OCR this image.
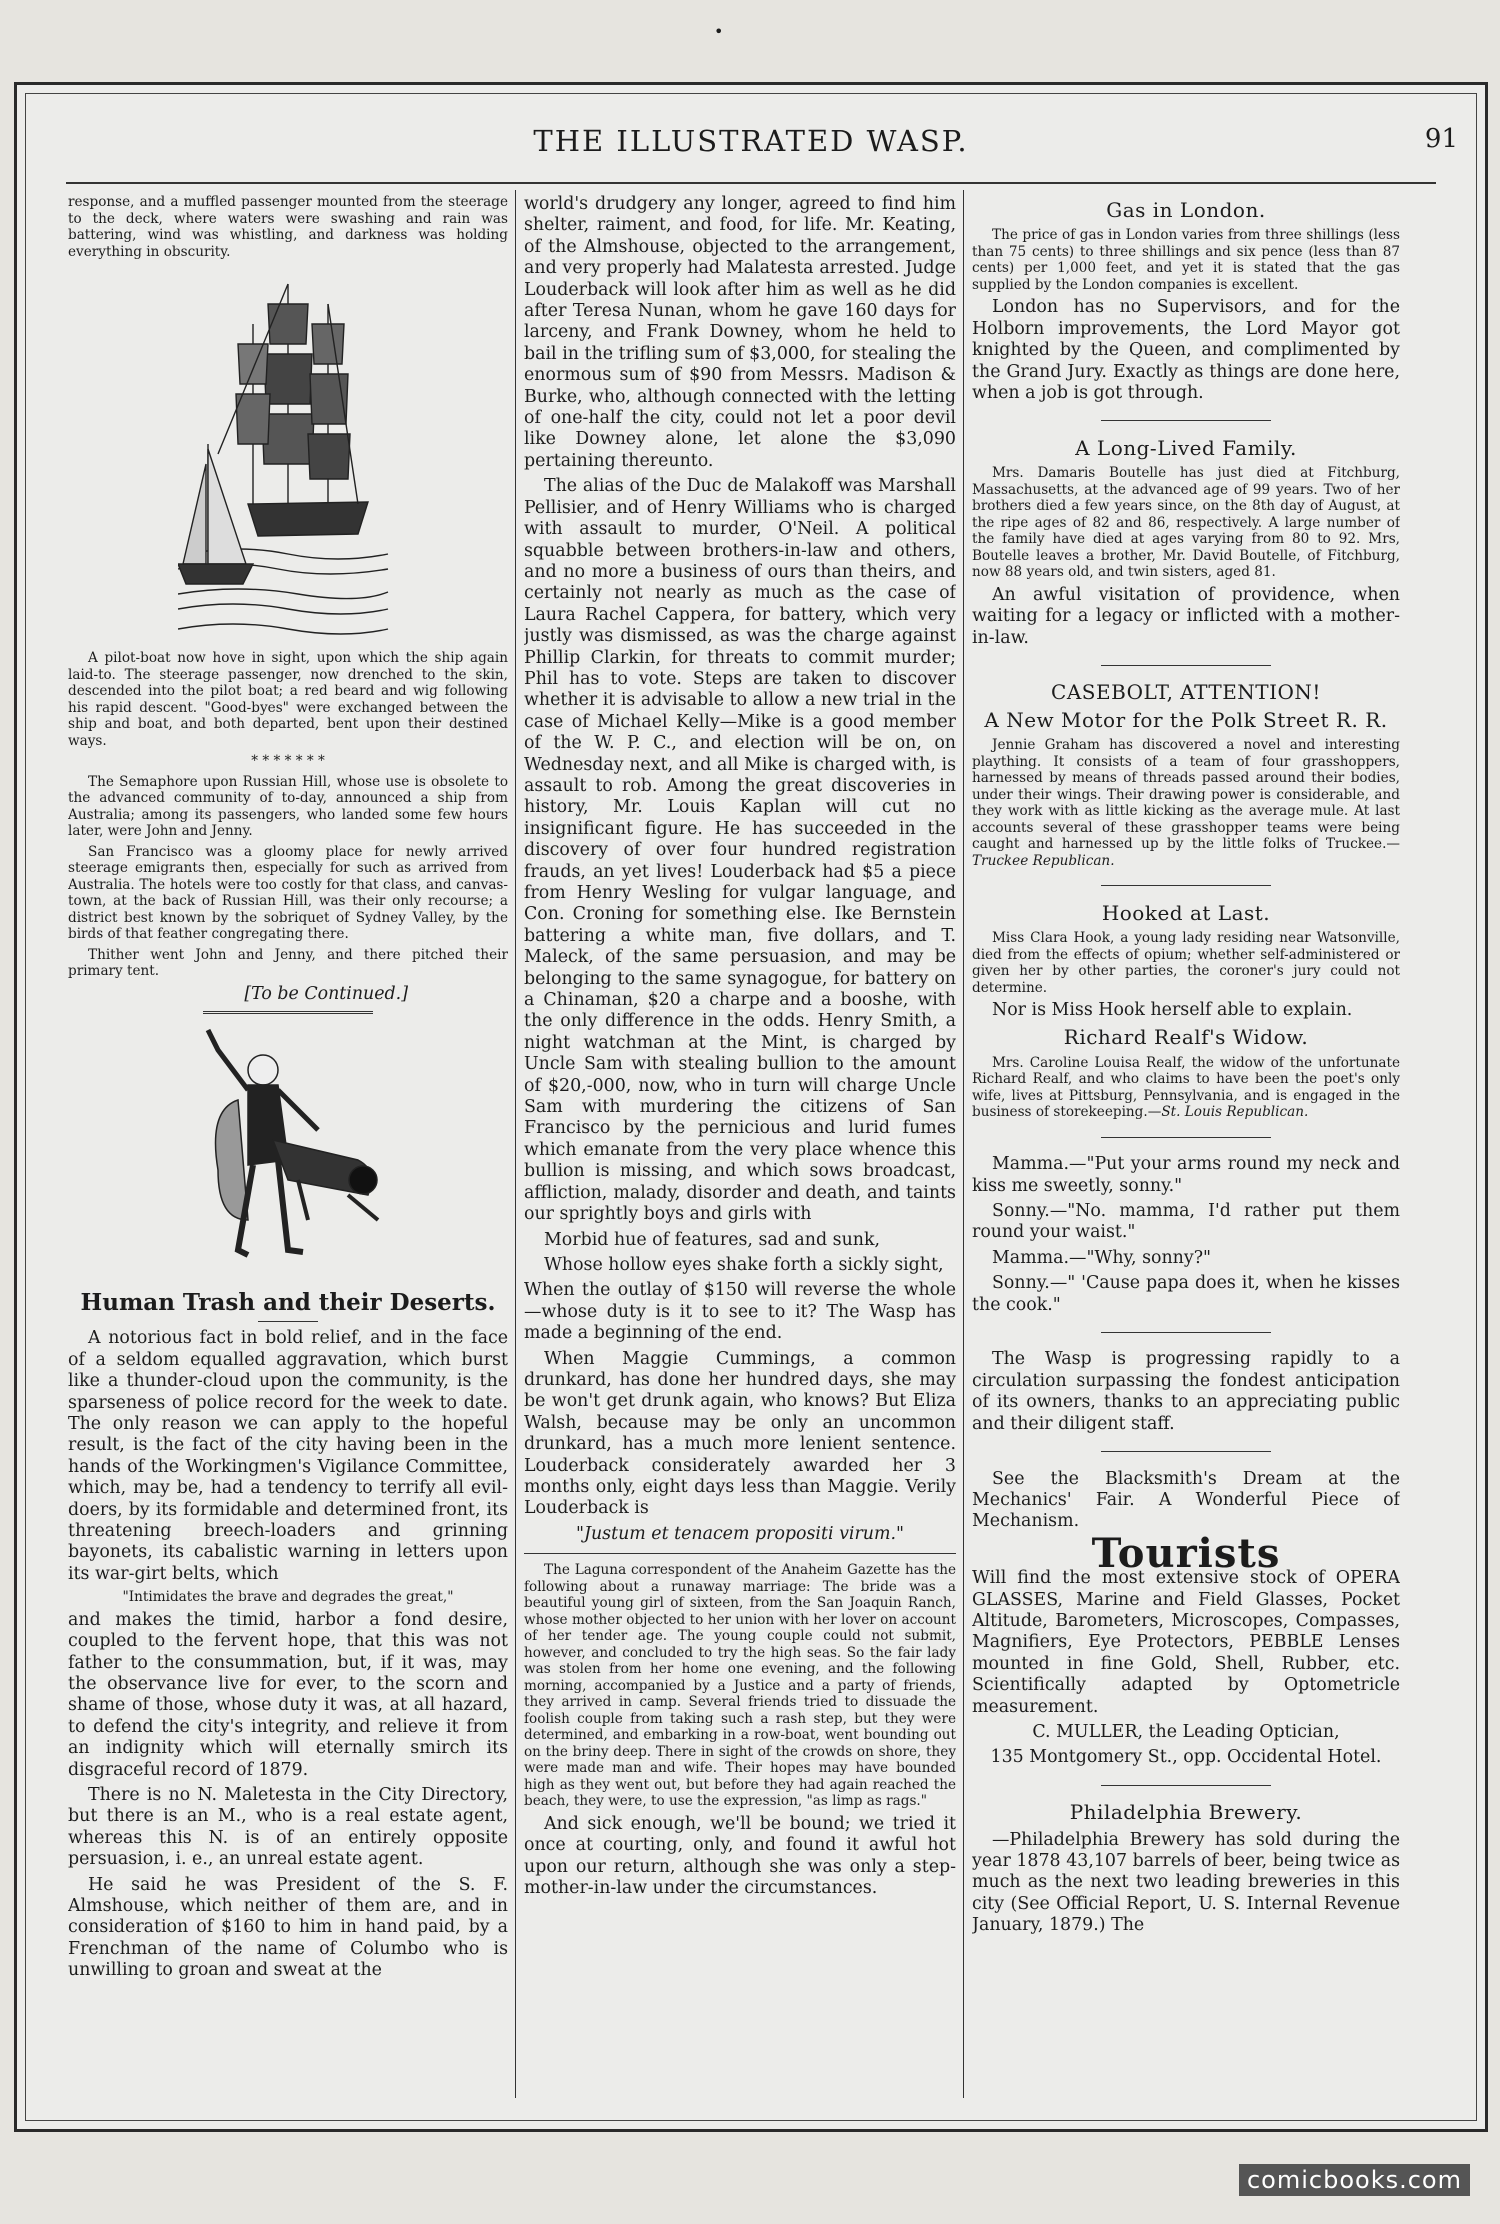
•
THE ILLUSTRATED WASP.	91

response, and a muffled passenger mounted from the steerage to the deck, where waters were swashing and rain was battering, wind was whistling, and darkness was holding everything in obscurity.

A pilot-boat now hove in sight, upon which the ship again laid-to. The steerage passenger, now drenched to the skin, descended into the pilot boat; a red beard and wig following his rapid descent. "Good-byes" were exchanged between the ship and boat, and both departed, bent upon their destined ways.

* * * * * * *

The Semaphore upon Russian Hill, whose use is obsolete to the advanced community of to-day, announced a ship from Australia; among its passengers, who landed some few hours later, were John and Jenny.

San Francisco was a gloomy place for newly arrived steerage emigrants then, especially for such as arrived from Australia. The hotels were too costly for that class, and canvas-town, at the back of Russian Hill, was their only recourse; a district best known by the sobriquet of Sydney Valley, by the birds of that feather congregating there.

Thither went John and Jenny, and there pitched their primary tent.

[To be Continued.]

Human Trash and their Deserts.

A notorious fact in bold relief, and in the face of a seldom equalled aggravation, which burst like a thunder-cloud upon the community, is the sparseness of police record for the week to date. The only reason we can apply to the hopeful result, is the fact of the city having been in the hands of the Workingmen's Vigilance Committee, which, may be, had a tendency to terrify all evil-doers, by its formidable and determined front, its threatening breech-loaders and grinning bayonets, its cabalistic warning in letters upon its war-girt belts, which

"Intimidates the brave and degrades the great,"

and makes the timid, harbor a fond desire, coupled to the fervent hope, that this was not father to the consummation, but, if it was, may the observance live for ever, to the scorn and shame of those, whose duty it was, at all hazard, to defend the city's integrity, and relieve it from an indignity which will eternally smirch its disgraceful record of 1879.

There is no N. Maletesta in the City Directory, but there is an M., who is a real estate agent, whereas this N. is of an entirely opposite persuasion, i. e., an unreal estate agent.

He said he was President of the S. F. Almshouse, which neither of them are, and in consideration of $160 to him in hand paid, by a Frenchman of the name of Columbo who is unwilling to groan and sweat at the

world's drudgery any longer, agreed to find him shelter, raiment, and food, for life. Mr. Keating, of the Almshouse, objected to the arrangement, and very properly had Malatesta arrested. Judge Louderback will look after him as well as he did after Teresa Nunan, whom he gave 160 days for larceny, and Frank Downey, whom he held to bail in the trifling sum of $3,000, for stealing the enormous sum of $90 from Messrs. Madison & Burke, who, although connected with the letting of one-half the city, could not let a poor devil like Downey alone, let alone the $3,090 pertaining thereunto.

The alias of the Duc de Malakoff was Marshall Pellisier, and of Henry Williams who is charged with assault to murder, O'Neil. A political squabble between brothers-in-law and others, and no more a business of ours than theirs, and certainly not nearly as much as the case of Laura Rachel Cappera, for battery, which very justly was dismissed, as was the charge against Phillip Clarkin, for threats to commit murder; Phil has to vote. Steps are taken to discover whether it is advisable to allow a new trial in the case of Michael Kelly—Mike is a good member of the W. P. C., and election will be on, on Wednesday next, and all Mike is charged with, is assault to rob. Among the great discoveries in history, Mr. Louis Kaplan will cut no insignificant figure. He has succeeded in the discovery of over four hundred registration frauds, an yet lives! Louderback had $5 a piece from Henry Wesling for vulgar language, and Con. Croning for something else. Ike Bernstein battering a white man, five dollars, and T. Maleck, of the same persuasion, and may be belonging to the same synagogue, for battery on a Chinaman, $20 a charpe and a booshe, with the only difference in the odds. Henry Smith, a night watchman at the Mint, is charged by Uncle Sam with stealing bullion to the amount of $20,-000, now, who in turn will charge Uncle Sam with murdering the citizens of San Francisco by the pernicious and lurid fumes which emanate from the very place whence this bullion is missing, and which sows broadcast, affliction, malady, disorder and death, and taints our sprightly boys and girls with

Morbid hue of features, sad and sunk,

Whose hollow eyes shake forth a sickly sight,

When the outlay of $150 will reverse the whole—whose duty is it to see to it? The Wasp has made a beginning of the end.

When Maggie Cummings, a common drunkard, has done her hundred days, she may be won't get drunk again, who knows? But Eliza Walsh, because may be only an uncommon drunkard, has a much more lenient sentence. Louderback considerately awarded her 3 months only, eight days less than Maggie. Verily Louderback is

"Justum et tenacem propositi virum."

The Laguna correspondent of the Anaheim Gazette has the following about a runaway marriage: The bride was a beautiful young girl of sixteen, from the San Joaquin Ranch, whose mother objected to her union with her lover on account of her tender age. The young couple could not submit, however, and concluded to try the high seas. So the fair lady was stolen from her home one evening, and the following morning, accompanied by a Justice and a party of friends, they arrived in camp. Several friends tried to dissuade the foolish couple from taking such a rash step, but they were determined, and embarking in a row-boat, went bounding out on the briny deep. There in sight of the crowds on shore, they were made man and wife. Their hopes may have bounded high as they went out, but before they had again reached the beach, they were, to use the expression, "as limp as rags."

And sick enough, we'll be bound; we tried it once at courting, only, and found it awful hot upon our return, although she was only a step-mother-in-law under the circumstances.

Gas in London.

The price of gas in London varies from three shillings (less than 75 cents) to three shillings and six pence (less than 87 cents) per 1,000 feet, and yet it is stated that the gas supplied by the London companies is excellent.

London has no Supervisors, and for the Holborn improvements, the Lord Mayor got knighted by the Queen, and complimented by the Grand Jury. Exactly as things are done here, when a job is got through.

A Long-Lived Family.

Mrs. Damaris Boutelle has just died at Fitchburg, Massachusetts, at the advanced age of 99 years. Two of her brothers died a few years since, on the 8th day of August, at the ripe ages of 82 and 86, respectively. A large number of the family have died at ages varying from 80 to 92. Mrs, Boutelle leaves a brother, Mr. David Boutelle, of Fitchburg, now 88 years old, and twin sisters, aged 81.

An awful visitation of providence, when waiting for a legacy or inflicted with a mother-in-law.

CASEBOLT, ATTENTION!
A New Motor for the Polk Street R. R.

Jennie Graham has discovered a novel and interesting plaything. It consists of a team of four grasshoppers, harnessed by means of threads passed around their bodies, under their wings. Their drawing power is considerable, and they work with as little kicking as the average mule. At last accounts several of these grasshopper teams were being caught and harnessed up by the little folks of Truckee.—Truckee Republican.

Hooked at Last.

Miss Clara Hook, a young lady residing near Watsonville, died from the effects of opium; whether self-administered or given her by other parties, the coroner's jury could not determine.

Nor is Miss Hook herself able to explain.

Richard Realf's Widow.

Mrs. Caroline Louisa Realf, the widow of the unfortunate Richard Realf, and who claims to have been the poet's only wife, lives at Pittsburg, Pennsylvania, and is engaged in the business of storekeeping.—St. Louis Republican.

Mamma.—"Put your arms round my neck and kiss me sweetly, sonny."

Sonny.—"No. mamma, I'd rather put them round your waist."

Mamma.—"Why, sonny?"

Sonny.—" 'Cause papa does it, when he kisses the cook."

The Wasp is progressing rapidly to a circulation surpassing the fondest anticipation of its owners, thanks to an appreciating public and their diligent staff.

See the Blacksmith's Dream at the Mechanics' Fair. A Wonderful Piece of Mechanism.

Tourists

Will find the most extensive stock of OPERA GLASSES, Marine and Field Glasses, Pocket Altitude, Barometers, Microscopes, Compasses, Magnifiers, Eye Protectors, PEBBLE Lenses mounted in fine Gold, Shell, Rubber, etc. Scientifically adapted by Optometricle measurement.

C. MULLER, the Leading Optician,

135 Montgomery St., opp. Occidental Hotel.

Philadelphia Brewery.

—Philadelphia Brewery has sold during the year 1878 43,107 barrels of beer, being twice as much as the next two leading breweries in this city (See Official Report, U. S. Internal Revenue January, 1879.) The

comicbooks.com
